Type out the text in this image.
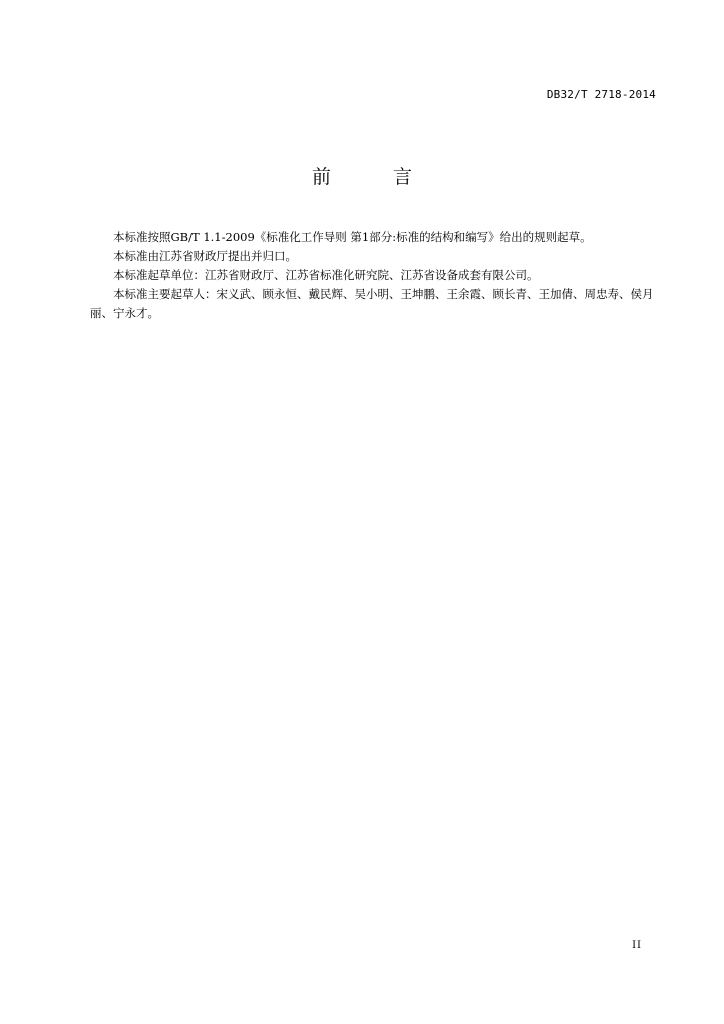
DB32/T 2718-2014
前 言

本标准按照GB/T 1.1-2009《标准化工作导则 第1部分:标准的结构和编写》给出的规则起草。

本标准由江苏省财政厅提出并归口。

本标准起草单位：江苏省财政厅、江苏省标准化研究院、江苏省设备成套有限公司。

本标准主要起草人：宋义武、顾永恒、戴民辉、吴小明、王坤鹏、王余霞、顾长青、王加倩、周忠寿、侯月丽、宁永才。

II
